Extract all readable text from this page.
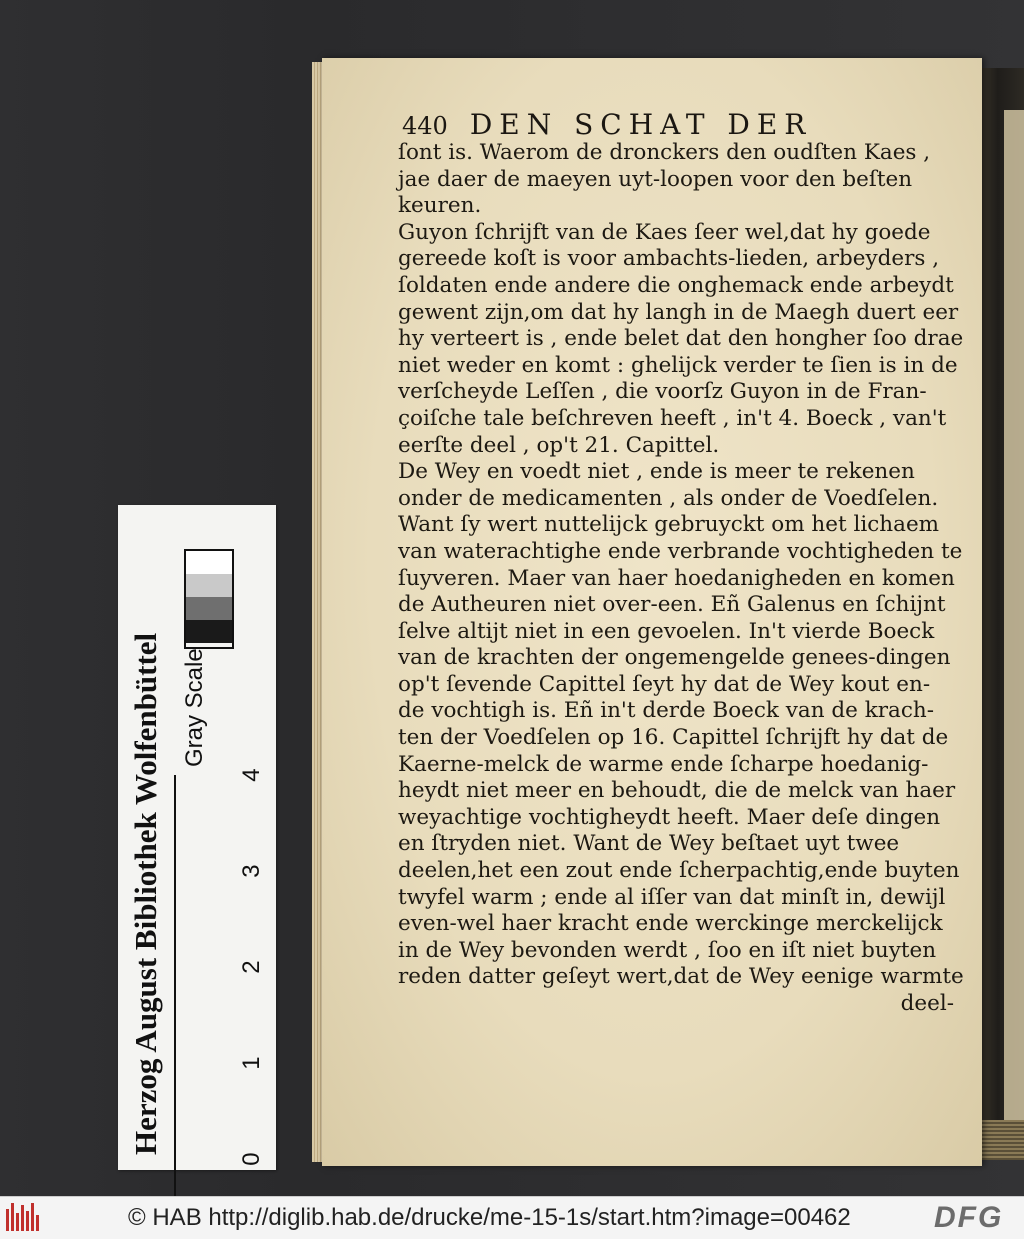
440 DEN SCHAT DER
ſont is. Waerom de dronckers den oudſten Kaes ,
jae daer de maeyen uyt-loopen voor den beſten
keuren.
Guyon ſchrijft van de Kaes ſeer wel,dat hy goede
gereede koſt is voor ambachts-lieden, arbeyders ,
ſoldaten ende andere die onghemack ende arbeydt
gewent zijn,om dat hy langh in de Maegh duert eer
hy verteert is , ende belet dat den hongher ſoo drae
niet weder en komt : ghelijck verder te ſien is in de
verſcheyde Leſſen , die voorſz Guyon in de Fran-
çoiſche tale beſchreven heeft , in't 4. Boeck , van't
eerſte deel , op't 21. Capittel.
De Wey en voedt niet , ende is meer te rekenen
onder de medicamenten , als onder de Voedſelen.
Want ſy wert nuttelijck gebruyckt om het lichaem
van waterachtighe ende verbrande vochtigheden te
ſuyveren. Maer van haer hoedanigheden en komen
de Autheuren niet over-een. Eñ Galenus en ſchijnt
ſelve altijt niet in een gevoelen. In't vierde Boeck
van de krachten der ongemengelde genees-dingen
op't ſevende Capittel ſeyt hy dat de Wey kout en-
de vochtigh is. Eñ in't derde Boeck van de krach-
ten der Voedſelen op 16. Capittel ſchrijft hy dat de
Kaerne-melck de warme ende ſcharpe hoedanig-
heydt niet meer en behoudt, die de melck van haer
weyachtige vochtigheydt heeft. Maer deſe dingen
en ſtryden niet. Want de Wey beſtaet uyt twee
deelen,het een zout ende ſcherpachtig,ende buyten
twyfel warm ; ende al iſſer van dat minſt in, dewijl
even-wel haer kracht ende werckinge merckelijck
in de Wey bevonden werdt , ſoo en iſt niet buyten
reden datter geſeyt wert,dat de Wey eenige warmte
deel-
Herzog August Bibliothek Wolfenbüttel Gray Scale
0
1
2
3
4
© HAB http://diglib.hab.de/drucke/me-15-1s/start.htm?image=00462	DFG
